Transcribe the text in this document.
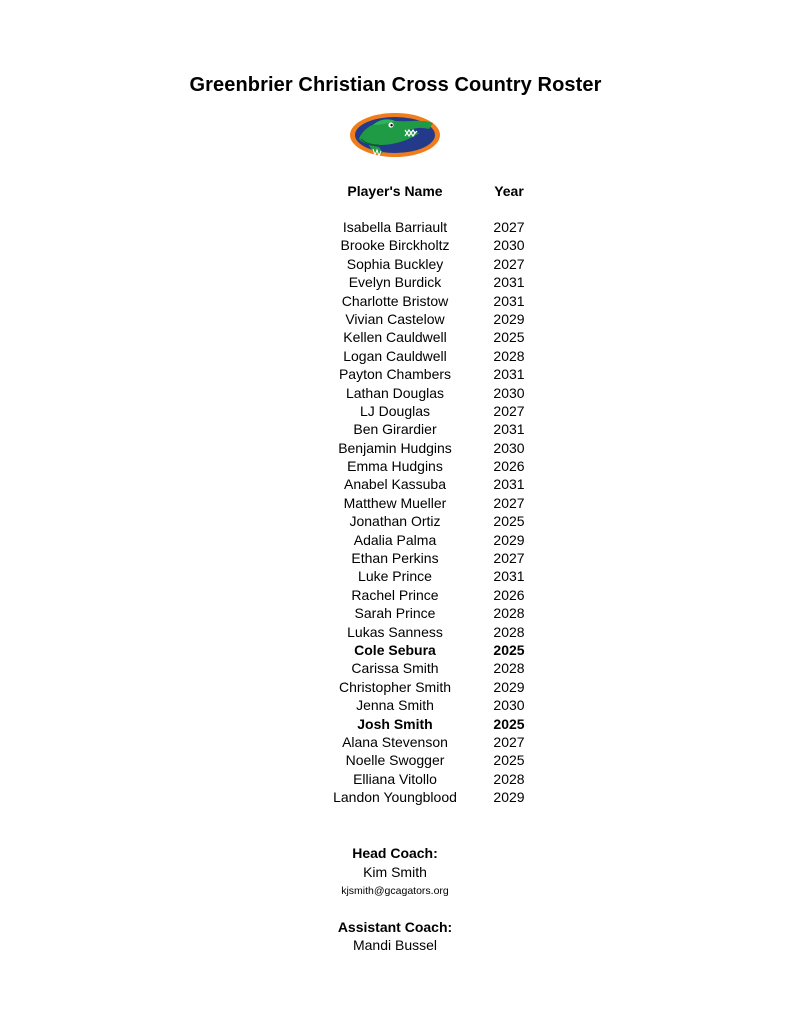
Greenbrier Christian Cross Country Roster
Player's Name	Year
Isabella Barriault	2027
Brooke Birckholtz	2030
Sophia Buckley	2027
Evelyn Burdick	2031
Charlotte Bristow	2031
Vivian Castelow	2029
Kellen Cauldwell	2025
Logan Cauldwell	2028
Payton Chambers	2031
Lathan Douglas	2030
LJ Douglas	2027
Ben Girardier	2031
Benjamin Hudgins	2030
Emma Hudgins	2026
Anabel Kassuba	2031
Matthew Mueller	2027
Jonathan Ortiz	2025
Adalia Palma	2029
Ethan Perkins	2027
Luke Prince	2031
Rachel Prince	2026
Sarah Prince	2028
Lukas Sanness	2028
Cole Sebura	2025
Carissa Smith	2028
Christopher Smith	2029
Jenna Smith	2030
Josh Smith	2025
Alana Stevenson	2027
Noelle Swogger	2025
Elliana Vitollo	2028
Landon Youngblood	2029
Head Coach:
Kim Smith
kjsmith@gcagators.org
Assistant Coach:
Mandi Bussel
